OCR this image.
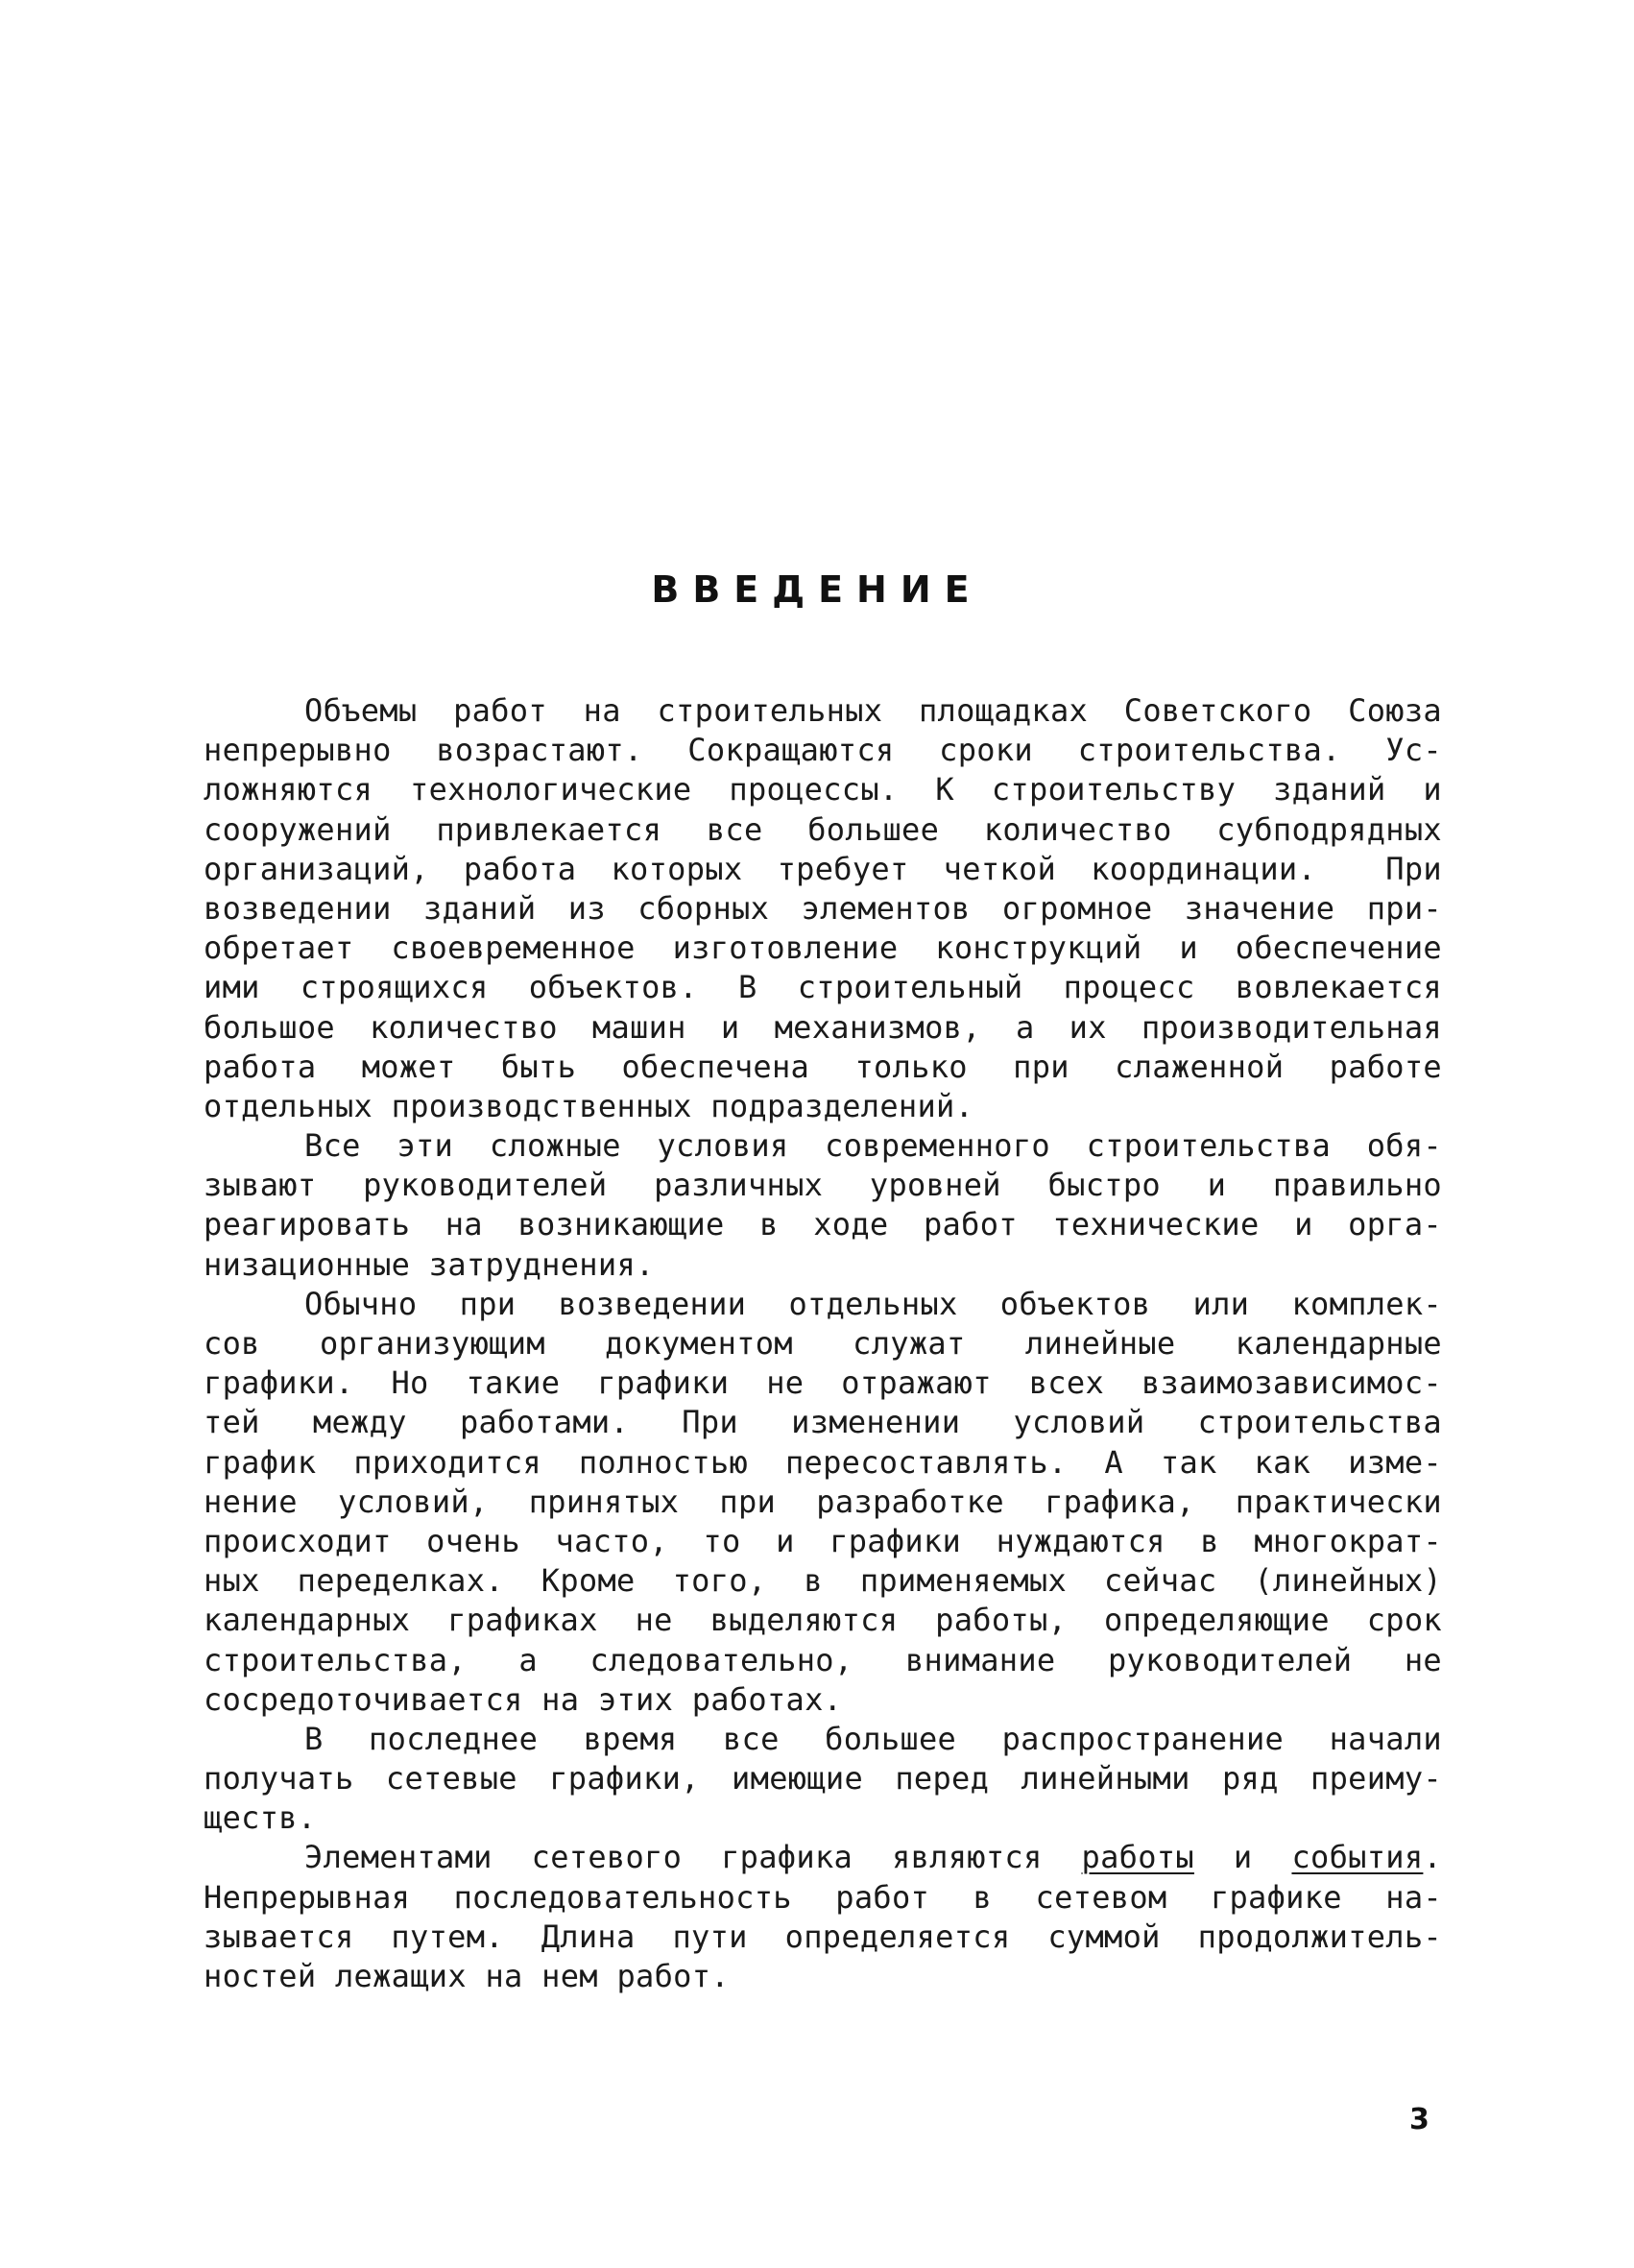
ВВЕДЕНИЕ
Объемы работ на строительных площадках Советского Союза
непрерывно возрастают. Сокращаются сроки строительства. Ус-
ложняются технологические процессы. К строительству зданий и
сооружений привлекается все большее количество субподрядных
организаций, работа которых требует четкой координации.  При
возведении зданий из сборных элементов огромное значение при-
обретает своевременное изготовление конструкций и обеспечение
ими строящихся объектов. В строительный процесс вовлекается
большое количество машин и механизмов, а их производительная
работа может быть обеспечена только при слаженной работе
отдельных производственных подразделений.
Все эти сложные условия современного строительства обя-
зывают руководителей различных уровней быстро и правильно
реагировать на возникающие в ходе работ технические и орга-
низационные затруднения.
Обычно при возведении отдельных объектов или комплек-
сов организующим документом служат линейные календарные
графики. Но такие графики не отражают всех взаимозависимос-
тей между работами. При изменении условий строительства
график приходится полностью пересоставлять. А так как изме-
нение условий, принятых при разработке графика, практически
происходит очень часто, то и графики нуждаются в многократ-
ных переделках. Кроме того, в применяемых сейчас (линейных)
календарных графиках не выделяются работы, определяющие срок
строительства, а следовательно, внимание руководителей не
сосредоточивается на этих работах.
В последнее время все большее распространение начали
получать сетевые графики, имеющие перед линейными ряд преиму-
ществ.
Элементами сетевого графика являются работы и события.
Непрерывная последовательность работ в сетевом графике на-
зывается путем. Длина пути определяется суммой продолжитель-
ностей лежащих на нем работ.
3
